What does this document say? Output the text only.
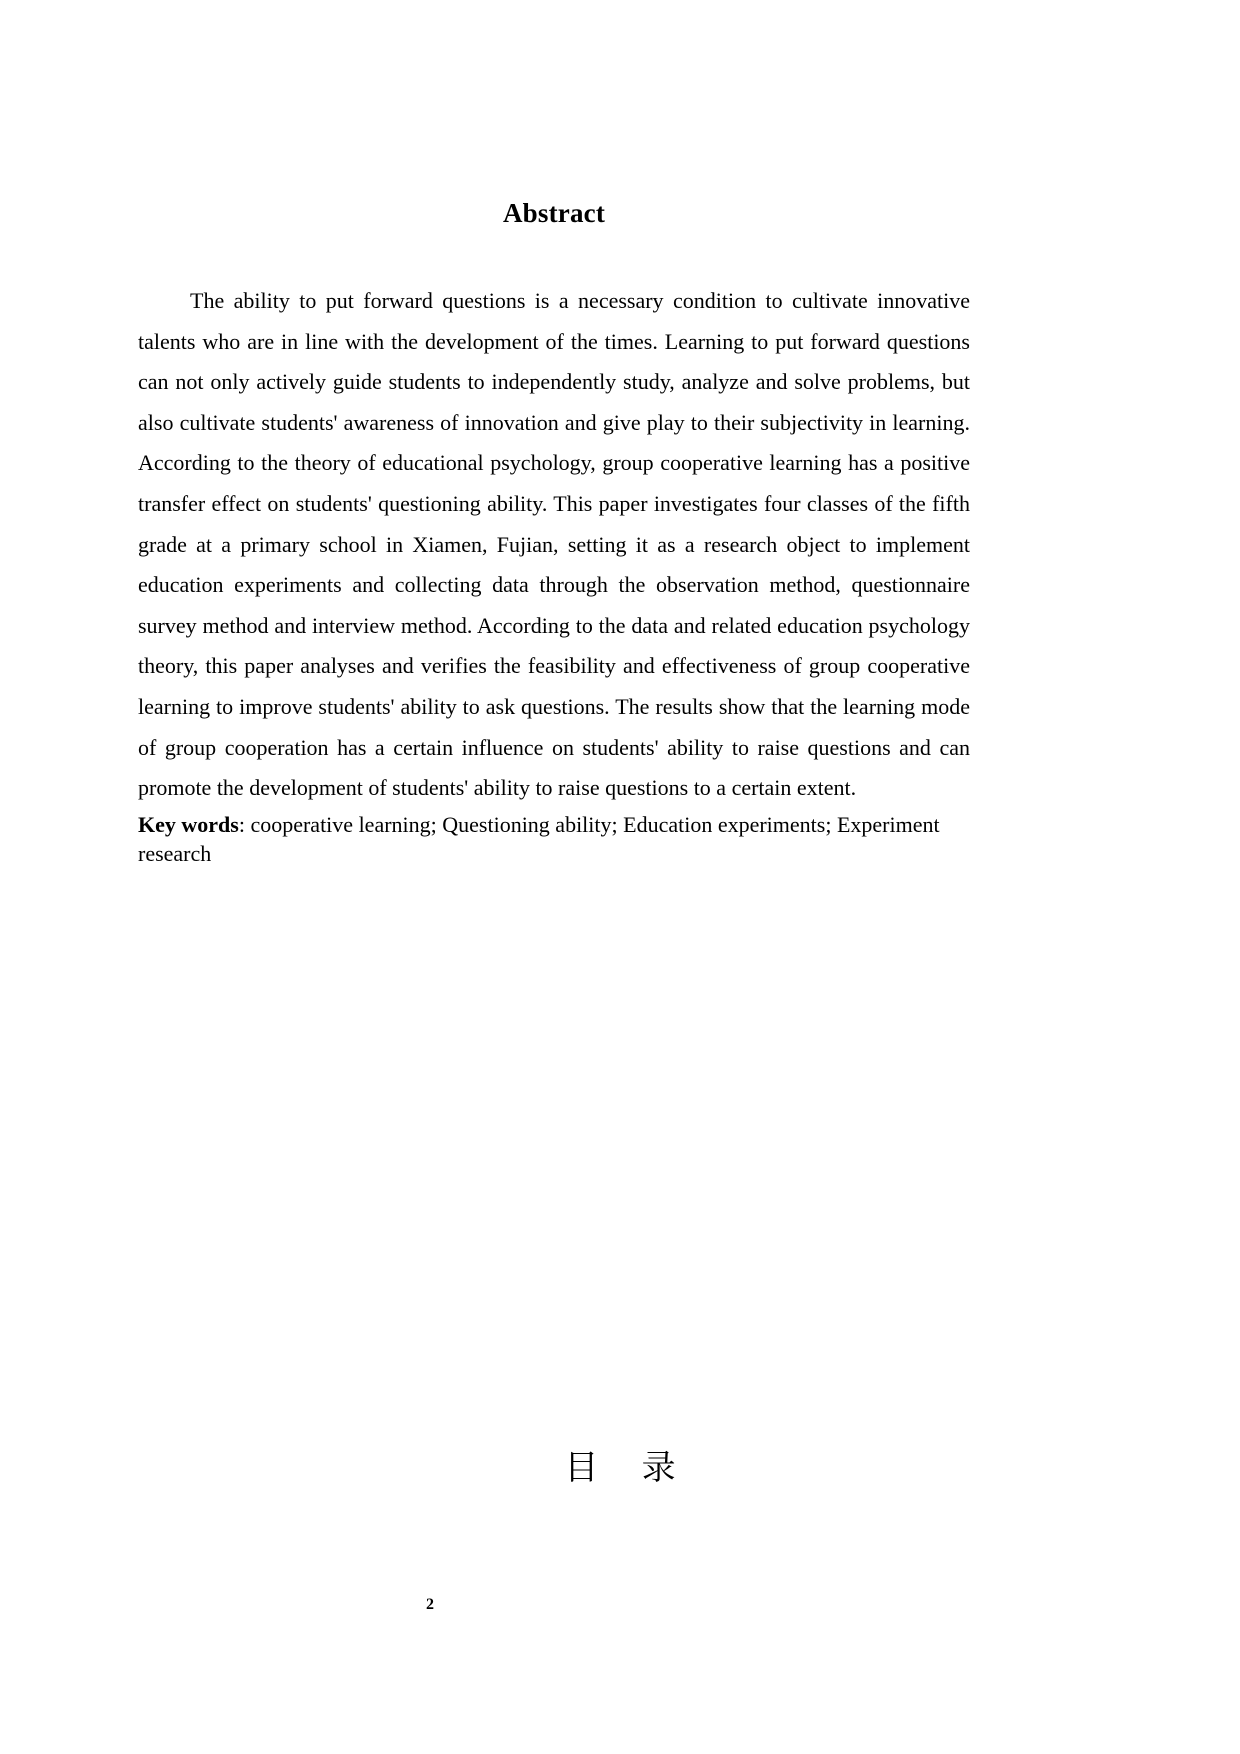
Abstract

The ability to put forward questions is a necessary condition to cultivate innovative talents who are in line with the development of the times. Learning to put forward questions can not only actively guide students to independently study, analyze and solve problems, but also cultivate students' awareness of innovation and give play to their subjectivity in learning. According to the theory of educational psychology, group cooperative learning has a positive transfer effect on students' questioning ability. This paper investigates four classes of the fifth grade at a primary school in Xiamen, Fujian, setting it as a research object to implement education experiments and collecting data through the observation method, questionnaire survey method and interview method. According to the data and related education psychology theory, this paper analyses and verifies the feasibility and effectiveness of group cooperative learning to improve students' ability to ask questions. The results show that the learning mode of group cooperation has a certain influence on students' ability to raise questions and can promote the development of students' ability to raise questions to a certain extent.

Key words: cooperative learning; Questioning ability; Education experiments; Experiment research

目    录
2
